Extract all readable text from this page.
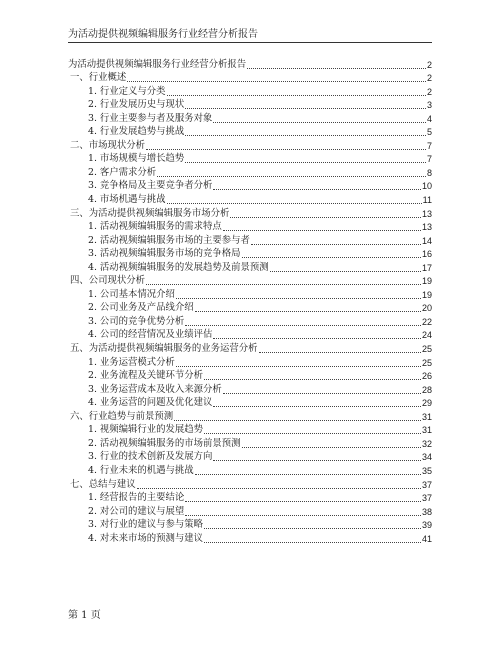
为活动提供视频编辑服务行业经营分析报告
为活动提供视频编辑服务行业经营分析报告	2
一、行业概述	2
1. 行业定义与分类	2
2. 行业发展历史与现状	3
3. 行业主要参与者及服务对象	4
4. 行业发展趋势与挑战	5
二、市场现状分析	7
1. 市场规模与增长趋势	7
2. 客户需求分析	8
3. 竞争格局及主要竞争者分析	10
4. 市场机遇与挑战	11
三、为活动提供视频编辑服务市场分析	13
1. 活动视频编辑服务的需求特点	13
2. 活动视频编辑服务市场的主要参与者	14
3. 活动视频编辑服务市场的竞争格局	16
4. 活动视频编辑服务的发展趋势及前景预测	17
四、公司现状分析	19
1. 公司基本情况介绍	19
2. 公司业务及产品线介绍	20
3. 公司的竞争优势分析	22
4. 公司的经营情况及业绩评估	24
五、为活动提供视频编辑服务的业务运营分析	25
1. 业务运营模式分析	25
2. 业务流程及关键环节分析	26
3. 业务运营成本及收入来源分析	28
4. 业务运营的问题及优化建议	29
六、行业趋势与前景预测	31
1. 视频编辑行业的发展趋势	31
2. 活动视频编辑服务的市场前景预测	32
3. 行业的技术创新及发展方向	34
4. 行业未来的机遇与挑战	35
七、总结与建议	37
1. 经营报告的主要结论	37
2. 对公司的建议与展望	38
3. 对行业的建议与参与策略	39
4. 对未来市场的预测与建议	41
第 1 页
